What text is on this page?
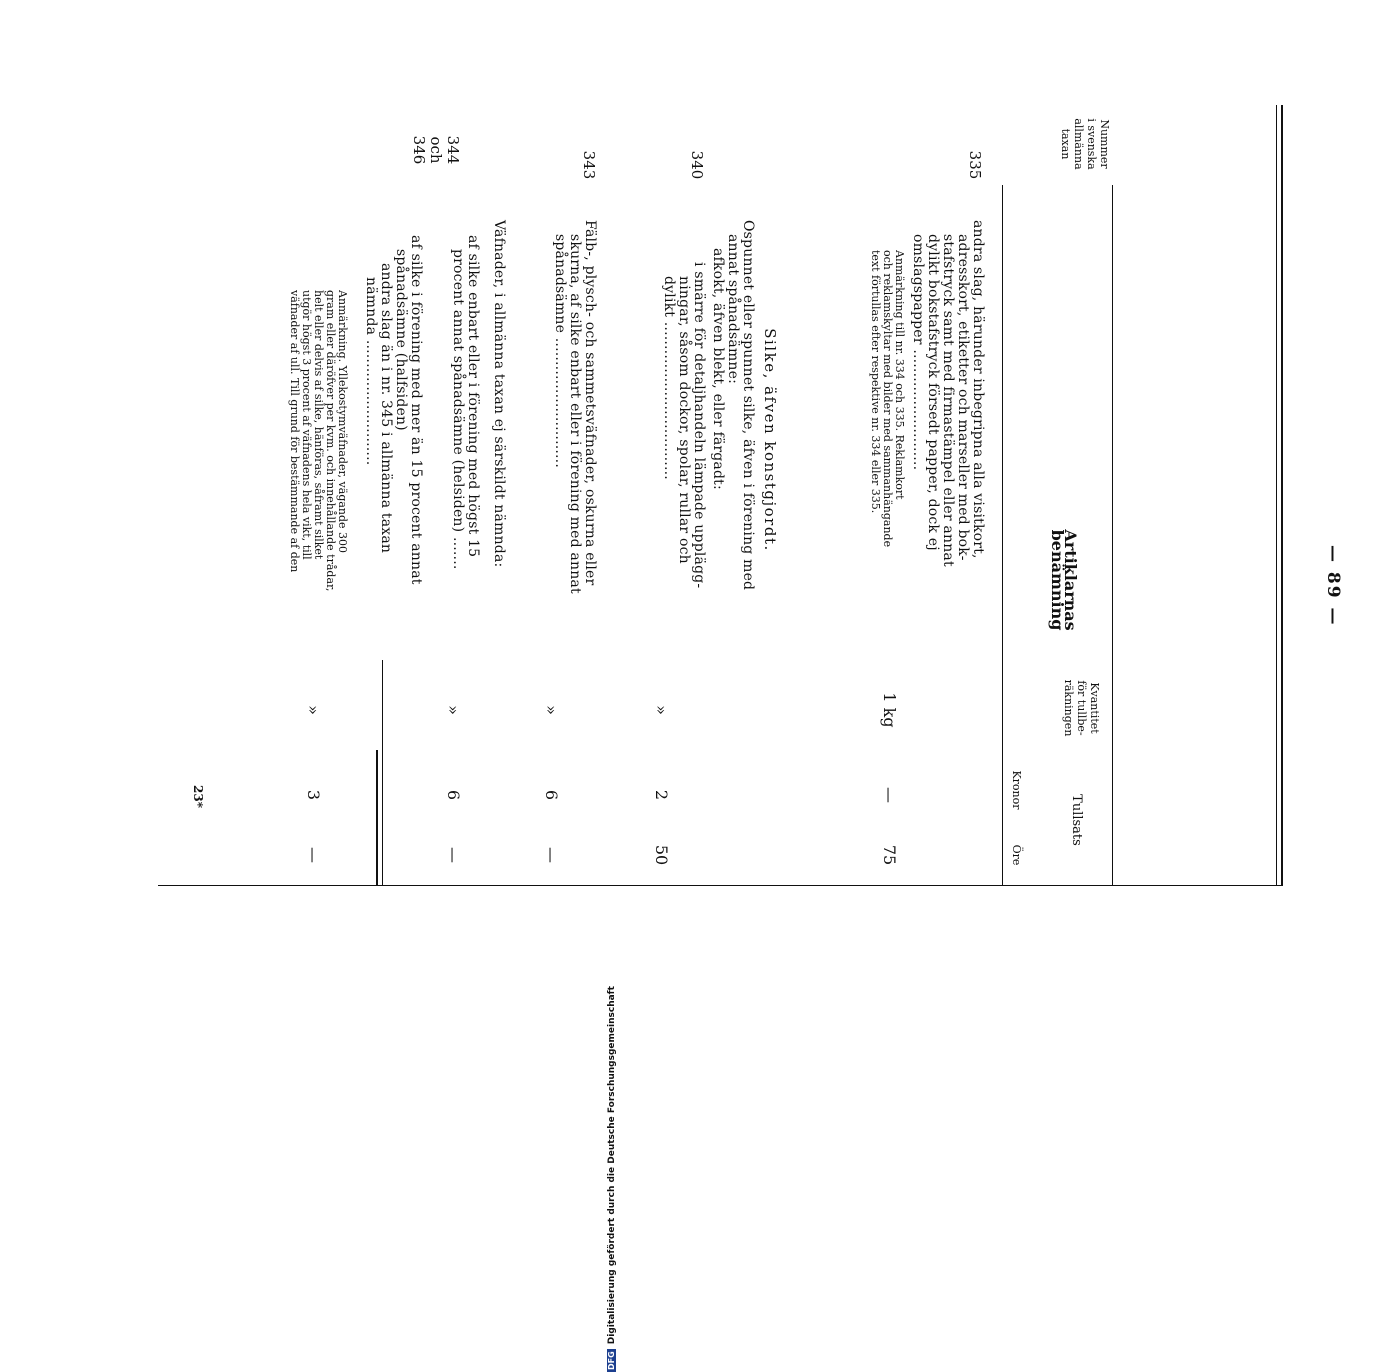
— 89 —
Nummer
i svenska
allmänna
taxan
Artiklarnas benämning
Kvantitet
för tullbe-
räkningen
Tullsats
Kronor
Öre
335
andra slag, härunder inbegripna alla visitkort,
adresskort, etiketter och marseller med bok-
stafstryck samt med firmastämpel eller annat
dylikt bokstafstryck försedt papper, dock ej
omslagspapper ..........................
Anmärkning till nr. 334 och 335. Reklamkort
och reklamskyltar med bilder med sammanhängande
text förtullas efter respektive nr. 334 eller 335.
1 kg
—
75
Silke, äfven konstgjordt.
Ospunnet eller spunnet silke, äfven i förening med
annat spånadsämne:
afkokt, äfven blekt, eller färgadt:
340
i smärre för detaljhandeln lämpade upplägg-
ningar, såsom dockor, spolar, rullar och
dylikt ..................................
»
2
50
343
Fälb-, plysch- och sammetsväfnader, oskurna eller
skurna, af silke enbart eller i förening med annat
spånadsämne ............................
»
6
—
Väfnader, i allmänna taxan ej särskildt nämnda:
344 och 346
af silke enbart eller i förening med högst 15
procent annat spånadsämne (helsiden) .......
»
6
—
af silke i förening med mer än 15 procent annat
spånadsämne (halfsiden)
andra slag än i nr. 345 i allmänna taxan
nämnda ...........................
Anmärkning. Yllekostymväfnader, vägande 300
gram eller däröfver per kvm. och innehållande trådar,
helt eller delvis af silke, hänföras, såframt silket
utgör högst 3 procent af väfnadens hela vikt, till
väfnader af ull. Till grund för bestämmande af den
»
3
—
23*
DFG Digitalisierung gefördert durch die Deutsche Forschungsgemeinschaft
